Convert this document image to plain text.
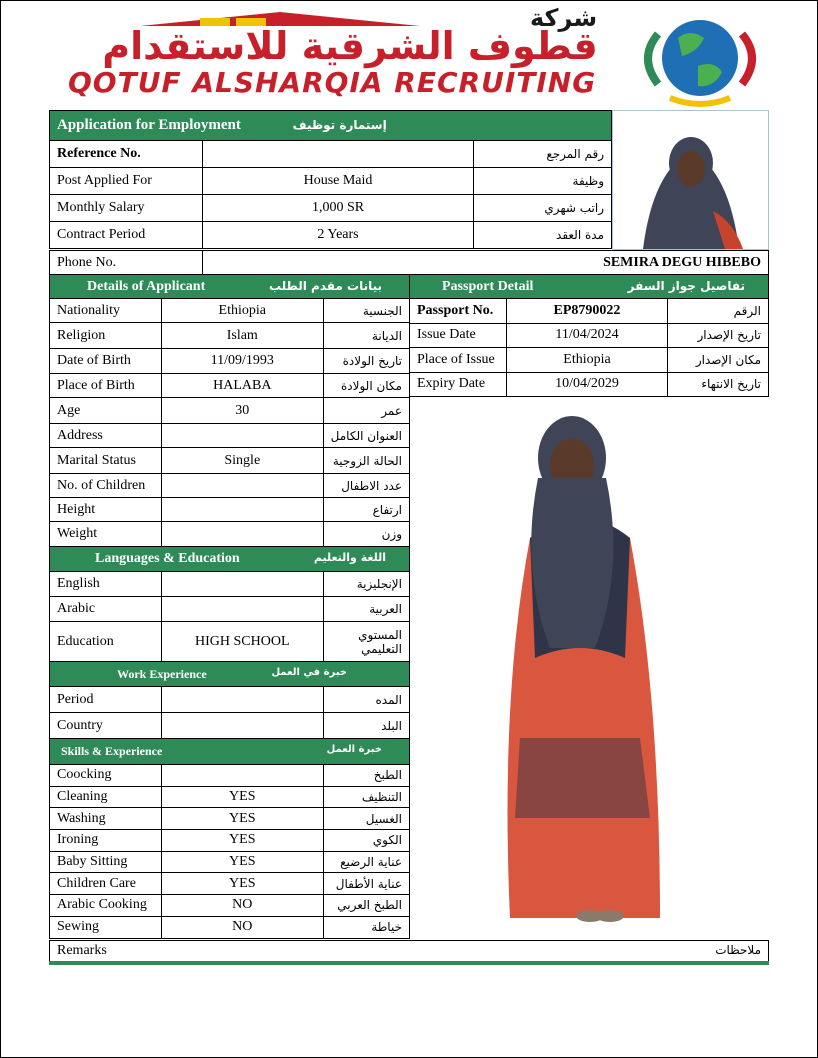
شركة
قطوف الشرقية للاستقدام
QOTUF ALSHARQIA RECRUITING
Application for Employment إستمارة توظيف		
Reference No.		رقم المرجع
Post Applied For	House Maid	وظيفة
Monthly Salary	1,000 SR	راتب شهري
Contract Period	2 Years	مدة العقد
Phone No.		SEMIRA DEGU HIBEBO
Details of Applicant بيانات مقدم الطلب		

Nationality	Ethiopia	الجنسية
Religion	Islam	الديانة
Date of Birth	11/09/1993	تاريخ الولادة
Place of Birth	HALABA	مكان الولادة
Age	30	عمر
Address		العنوان الكامل
Marital Status	Single	الحالة الزوجية
No. of Children		عدد الاطفال
Height		ارتفاع
Weight		وزن
Languages & Education اللغة والتعليم		

English		الإنجليزية
Arabic		العربية
Education	HIGH SCHOOL	المستوي التعليمي
Work Experience خبرة في العمل		

Period		المده
Country		البلد
Skills & Experience خبرة العمل		

Coocking		الطبخ
Cleaning	YES	التنظيف
Washing	YES	الغسيل
Ironing	YES	الكوي
Baby Sitting	YES	عناية الرضيع
Children Care	YES	عناية الأطفال
Arabic Cooking	NO	الطبخ العربي
Sewing	NO	خياطة
Passport Detail تفاصيل جواز السفر		

Passport No.	EP8790022	الرقم
Issue Date	11/04/2024	تاريخ الإصدار
Place of Issue	Ethiopia	مكان الإصدار
Expiry Date	10/04/2029	تاريخ الانتهاء
Remarks	ملاحظات
